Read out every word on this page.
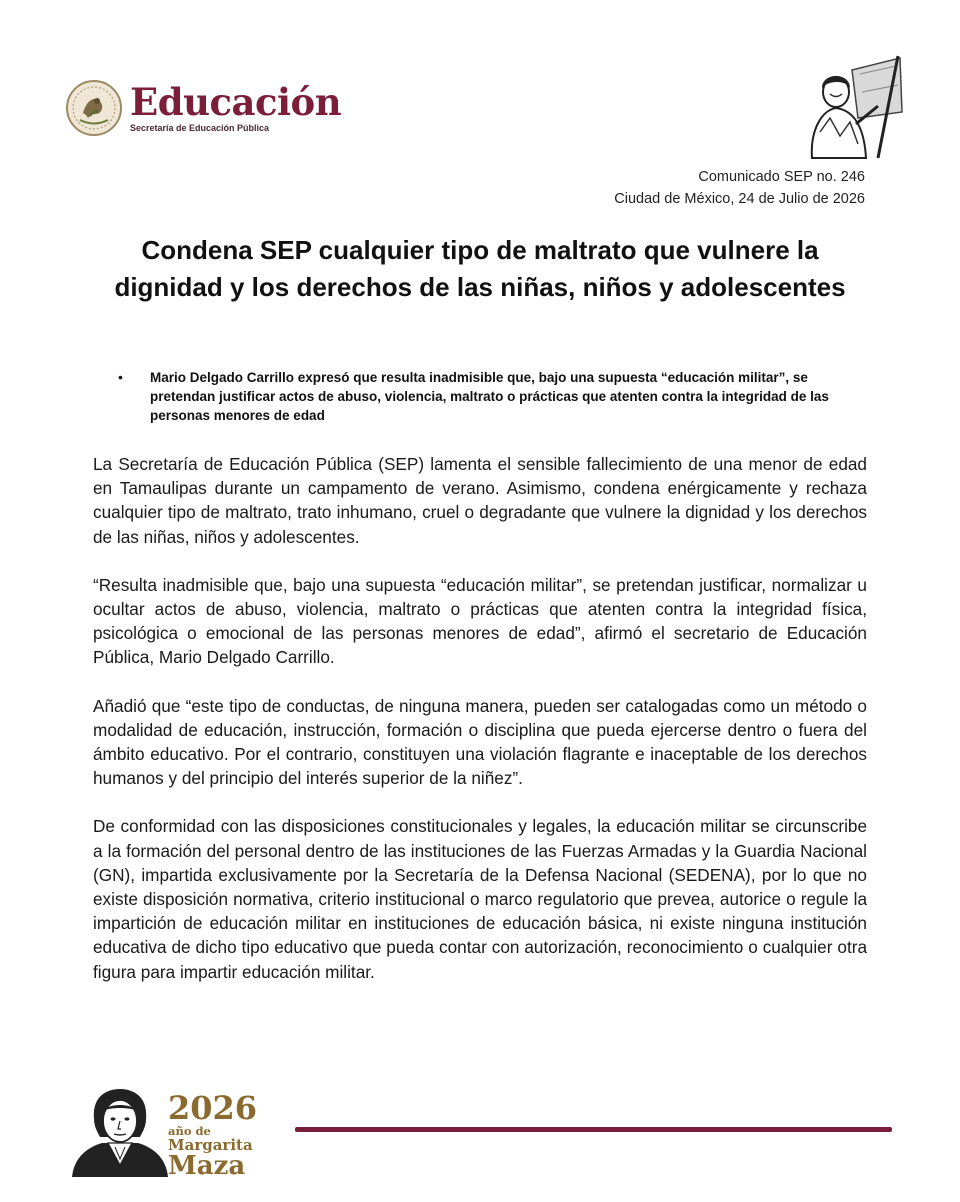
Educación
Secretaría de Educación Pública
Comunicado SEP no. 246
Ciudad de México, 24 de Julio de 2026
Condena SEP cualquier tipo de maltrato que vulnere la dignidad y los derechos de las niñas, niños y adolescentes
• Mario Delgado Carrillo expresó que resulta inadmisible que, bajo una supuesta “educación militar”, se pretendan justificar actos de abuso, violencia, maltrato o prácticas que atenten contra la integridad de las personas menores de edad

La Secretaría de Educación Pública (SEP) lamenta el sensible fallecimiento de una menor de edad en Tamaulipas durante un campamento de verano. Asimismo, condena enérgicamente y rechaza cualquier tipo de maltrato, trato inhumano, cruel o degradante que vulnere la dignidad y los derechos de las niñas, niños y adolescentes.

“Resulta inadmisible que, bajo una supuesta “educación militar”, se pretendan justificar, normalizar u ocultar actos de abuso, violencia, maltrato o prácticas que atenten contra la integridad física, psicológica o emocional de las personas menores de edad”, afirmó el secretario de Educación Pública, Mario Delgado Carrillo.

Añadió que “este tipo de conductas, de ninguna manera, pueden ser catalogadas como un método o modalidad de educación, instrucción, formación o disciplina que pueda ejercerse dentro o fuera del ámbito educativo. Por el contrario, constituyen una violación flagrante e inaceptable de los derechos humanos y del principio del interés superior de la niñez”.

De conformidad con las disposiciones constitucionales y legales, la educación militar se circunscribe a la formación del personal dentro de las instituciones de las Fuerzas Armadas y la Guardia Nacional (GN), impartida exclusivamente por la Secretaría de la Defensa Nacional (SEDENA), por lo que no existe disposición normativa, criterio institucional o marco regulatorio que prevea, autorice o regule la impartición de educación militar en instituciones de educación básica, ni existe ninguna institución educativa de dicho tipo educativo que pueda contar con autorización, reconocimiento o cualquier otra figura para impartir educación militar.

2026
año de
Margarita
Maza
